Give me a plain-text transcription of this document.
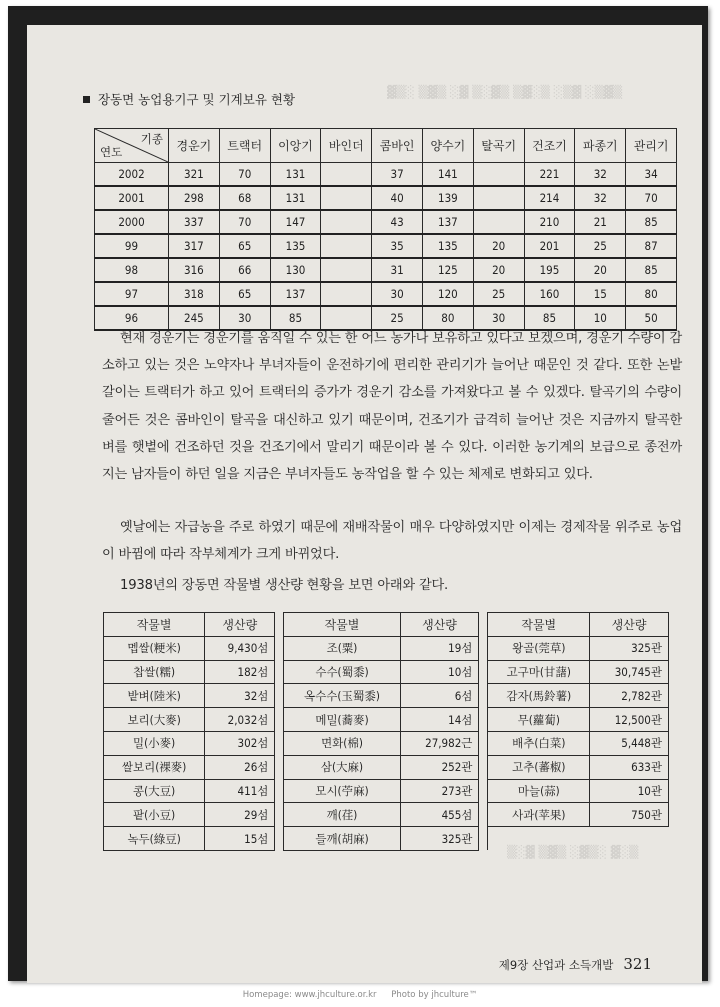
▓▒░ ▒▓▒ ░▓ ▒░▓▒ ▒▓░▒ ░▒▓ ░▒▓▒
▒░▓ ▒▓▒ ░▓▒░ ▓░▒
장동면 농업용기구 및 기계보유 현황
기종
연도	경운기	트랙터	이앙기	바인더	콤바인	양수기	탈곡기	건조기	파종기	관리기
2002	321	70	131		37	141		221	32	34
2001	298	68	131		40	139		214	32	70
2000	337	70	147		43	137		210	21	85
99	317	65	135		35	135	20	201	25	87
98	316	66	130		31	125	20	195	20	85
97	318	65	137		30	120	25	160	15	80
96	245	30	85		25	80	30	85	10	50
현재 경운기는 경운기를 움직일 수 있는 한 어느 농가나 보유하고 있다고 보겠으며, 경운기 수량이 감소하고 있는 것은 노약자나 부녀자들이 운전하기에 편리한 관리기가 늘어난 때문인 것 같다. 또한 논밭갈이는 트랙터가 하고 있어 트랙터의 증가가 경운기 감소를 가져왔다고 볼 수 있겠다. 탈곡기의 수량이 줄어든 것은 콤바인이 탈곡을 대신하고 있기 때문이며, 건조기가 급격히 늘어난 것은 지금까지 탈곡한 벼를 햇볕에 건조하던 것을 건조기에서 말리기 때문이라 볼 수 있다. 이러한 농기계의 보급으로 종전까지는 남자들이 하던 일을 지금은 부녀자들도 농작업을 할 수 있는 체제로 변화되고 있다.
옛날에는 자급농을 주로 하였기 때문에 재배작물이 매우 다양하였지만 이제는 경제작물 위주로 농업이 바뀜에 따라 작부체계가 크게 바뀌었다.
1938년의 장동면 작물별 생산량 현황을 보면 아래와 같다.
작물별	생산량		작물별	생산량		작물별	생산량
멥쌀(粳米)	9,430섬		조(粟)	19섬		왕골(莞草)	325관
찹쌀(糯)	182섬		수수(蜀黍)	10섬		고구마(甘藷)	30,745관
밭벼(陸米)	32섬		옥수수(玉蜀黍)	6섬		감자(馬鈴薯)	2,782관
보리(大麥)	2,032섬		메밀(蕎麥)	14섬		무(蘿蔔)	12,500관
밀(小麥)	302섬		면화(棉)	27,982근		배추(白菜)	5,448관
쌀보리(裸麥)	26섬		삼(大麻)	252관		고추(蕃椒)	633관
콩(大豆)	411섬		모시(苧麻)	273관		마늘(蒜)	10관
팥(小豆)	29섬		깨(荏)	455섬		사과(苹果)	750관
녹두(綠豆)	15섬		들깨(胡麻)	325관			
제9장 산업과 소득개발 321
Homepage: www.jhculture.or.kr Photo by jhculture™
